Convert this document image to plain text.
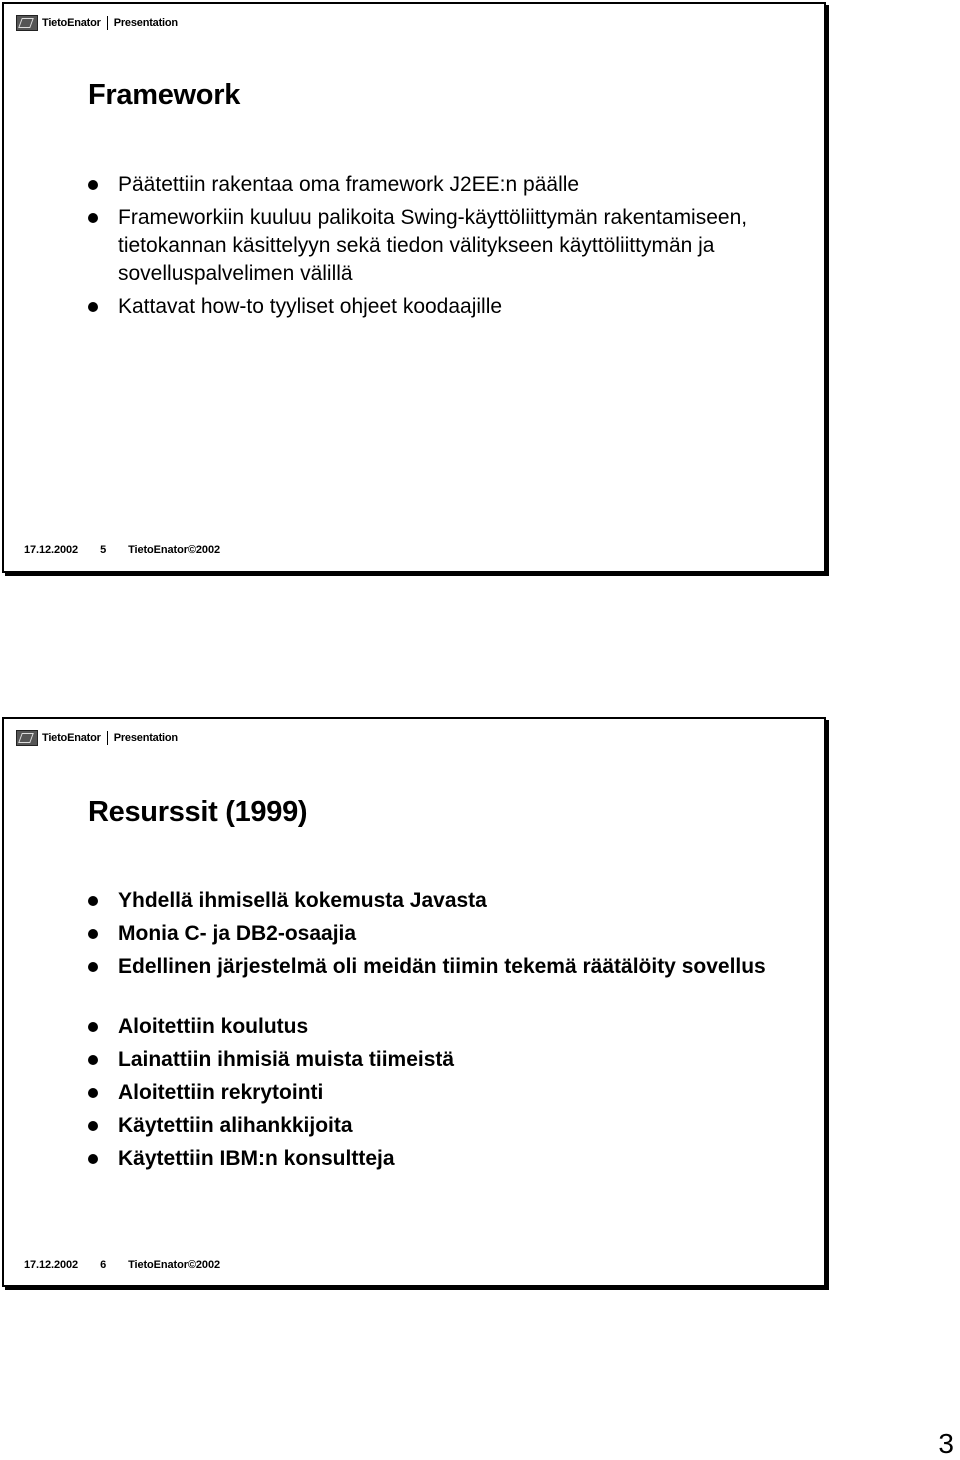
TietoEnator Presentation
Framework
Päätettiin rakentaa oma framework J2EE:n päälle
Frameworkiin kuuluu palikoita Swing-käyttöliittymän rakentamiseen, tietokannan käsittelyyn sekä tiedon välitykseen käyttöliittymän ja sovelluspalvelimen välillä
Kattavat how-to tyyliset ohjeet koodaajille
17.12.2002 5 TietoEnator©2002
TietoEnator Presentation
Resurssit (1999)
Yhdellä ihmisellä kokemusta Javasta
Monia C- ja DB2-osaajia
Edellinen järjestelmä oli meidän tiimin tekemä räätälöity sovellus
Aloitettiin koulutus
Lainattiin ihmisiä muista tiimeistä
Aloitettiin rekrytointi
Käytettiin alihankkijoita
Käytettiin IBM:n konsultteja
17.12.2002 6 TietoEnator©2002
3
